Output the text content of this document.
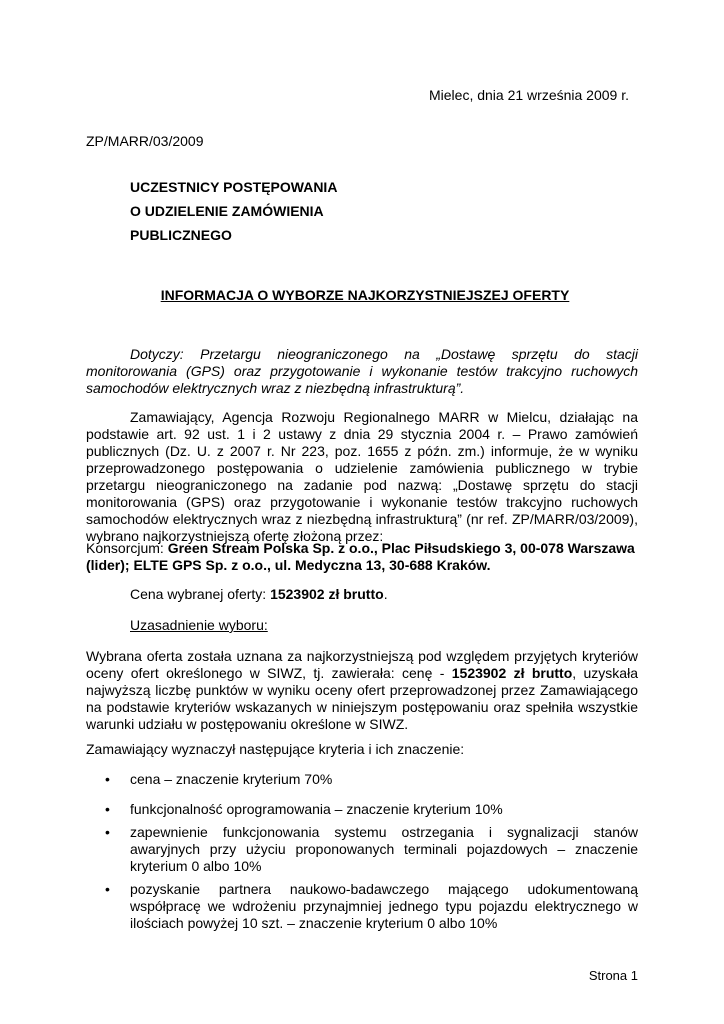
Mielec, dnia 21 września 2009 r.
ZP/MARR/03/2009
UCZESTNICY POSTĘPOWANIA
O UDZIELENIE ZAMÓWIENIA
PUBLICZNEGO
INFORMACJA O WYBORZE NAJKORZYSTNIEJSZEJ OFERTY
Dotyczy: Przetargu nieograniczonego na „Dostawę sprzętu do stacji monitorowania (GPS) oraz przygotowanie i wykonanie testów trakcyjno ruchowych samochodów elektrycznych wraz z niezbędną infrastrukturą”.
Zamawiający, Agencja Rozwoju Regionalnego MARR w Mielcu, działając na podstawie art. 92 ust. 1 i 2 ustawy z dnia 29 stycznia 2004 r. – Prawo zamówień publicznych (Dz. U. z 2007 r. Nr 223, poz. 1655 z późn. zm.) informuje, że w wyniku przeprowadzonego postępowania o udzielenie zamówienia publicznego w trybie przetargu nieograniczonego na zadanie pod nazwą: „Dostawę sprzętu do stacji monitorowania (GPS) oraz przygotowanie i wykonanie testów trakcyjno ruchowych samochodów elektrycznych wraz z niezbędną infrastrukturą” (nr ref. ZP/MARR/03/2009), wybrano najkorzystniejszą ofertę złożoną przez:
Konsorcjum: Green Stream Polska Sp. z o.o., Plac Piłsudskiego 3, 00-078 Warszawa (lider); ELTE GPS Sp. z o.o., ul. Medyczna 13, 30-688 Kraków.
Cena wybranej oferty: 1523902 zł brutto.
Uzasadnienie wyboru:
Wybrana oferta została uznana za najkorzystniejszą pod względem przyjętych kryteriów oceny ofert określonego w SIWZ, tj. zawierała: cenę - 1523902 zł brutto, uzyskała najwyższą liczbę punktów w wyniku oceny ofert przeprowadzonej przez Zamawiającego na podstawie kryteriów wskazanych w niniejszym postępowaniu oraz spełniła wszystkie warunki udziału w postępowaniu określone w SIWZ.
Zamawiający wyznaczył następujące kryteria i ich znaczenie:
• cena – znaczenie kryterium 70%
• funkcjonalność oprogramowania – znaczenie kryterium 10%
• zapewnienie funkcjonowania systemu ostrzegania i sygnalizacji stanów awaryjnych przy użyciu proponowanych terminali pojazdowych – znaczenie kryterium 0 albo 10%
• pozyskanie partnera naukowo-badawczego mającego udokumentowaną współpracę we wdrożeniu przynajmniej jednego typu pojazdu elektrycznego w ilościach powyżej 10 szt. – znaczenie kryterium 0 albo 10%
Strona 1
